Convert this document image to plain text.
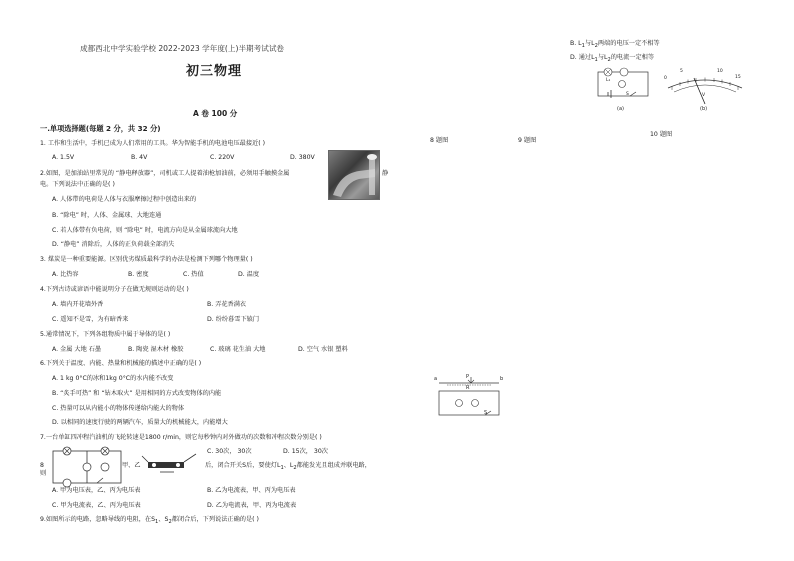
成都西北中学实验学校 2022-2023 学年度(上)半期考试试卷
初三物理
A 卷 100 分
一.单项选择题(每题 2 分，共 32 分)
1. 工作和生活中，手机已成为人们常用的工具。华为智能手机的电池电压最接近( )
A. 1.5V	B. 4V	C. 220V	D. 380V
2.如图，是加油站里常见的 “静电释放器”，司机或工人提着油枪加油前，必须用手触摸金属	静
电。下列说法中正确的是( )
A. 人体带的电荷是人体与衣服摩擦过程中创造出来的
B. “除电” 时，人体、金属球、大地连通
C. 若人体带有负电荷，则 “除电” 时，电流方向是从金属球流向大地
D. “静电” 消除后，人体的正负荷载全部消失
3. 煤炭是一种重要能源。区别优劣煤质最科学的办法是检测下列哪个物理量( )
A. 比热容	B. 密度	C. 热值	D. 温度
4.下列古诗或谚语中能说明分子在做无规则运动的是( )
A. 墙内开花墙外香	B. 弄花香满衣
C. 遥知不是雪，为有暗香来	D. 纷纷暮雪下辕门
5.通常情况下，下列各组物质中属于导体的是( )
A. 金属 大地 石墨	B. 陶瓷 湿木材 橡胶	C. 玻璃 花生油 大地	D. 空气 水银 塑料
6.下列关于温度、内能、热量和机械能的描述中正确的是( )
A. 1 kg 0°C的冰和1kg 0°C的水内能不改变
B. “炙手可热” 和 “钻木取火” 是用相同的方式改变物体的内能
C. 热量可以从内能小的物体传递给内能大的物体
D. 以相同的速度行驶的两辆汽车，质量大的机械能大，内能增大
7.一台单缸四冲程汽油机的飞轮转速是1800 r/min，则它每秒钟内对外做功的次数和冲程次数分别是( )
C. 30次， 30次	D. 15次， 30次
8
则
甲、乙	后，闭合开关S后，要使灯$L_1$、$L_2$都能发光且组成并联电路，
A. 甲为电压表，乙、丙为电压表	B. 乙为电流表，甲、丙为电压表
C. 甲为电流表，乙、丙为电压表	D. 乙为电流表，甲、丙为电流表
9.如图所示的电路，忽略导线的电阻，在$S_1$、$S_2$都闭合后，下列说法正确的是( )
a	b
P
R
S
8 题图	9 题图
10 题图
B. $L_1$与$L_2$两端的电压一定不相等
D. 通过$L_1$与$L_2$的电流一定相等
L₁
S
(a)
0
5	10
15
V
(b)
